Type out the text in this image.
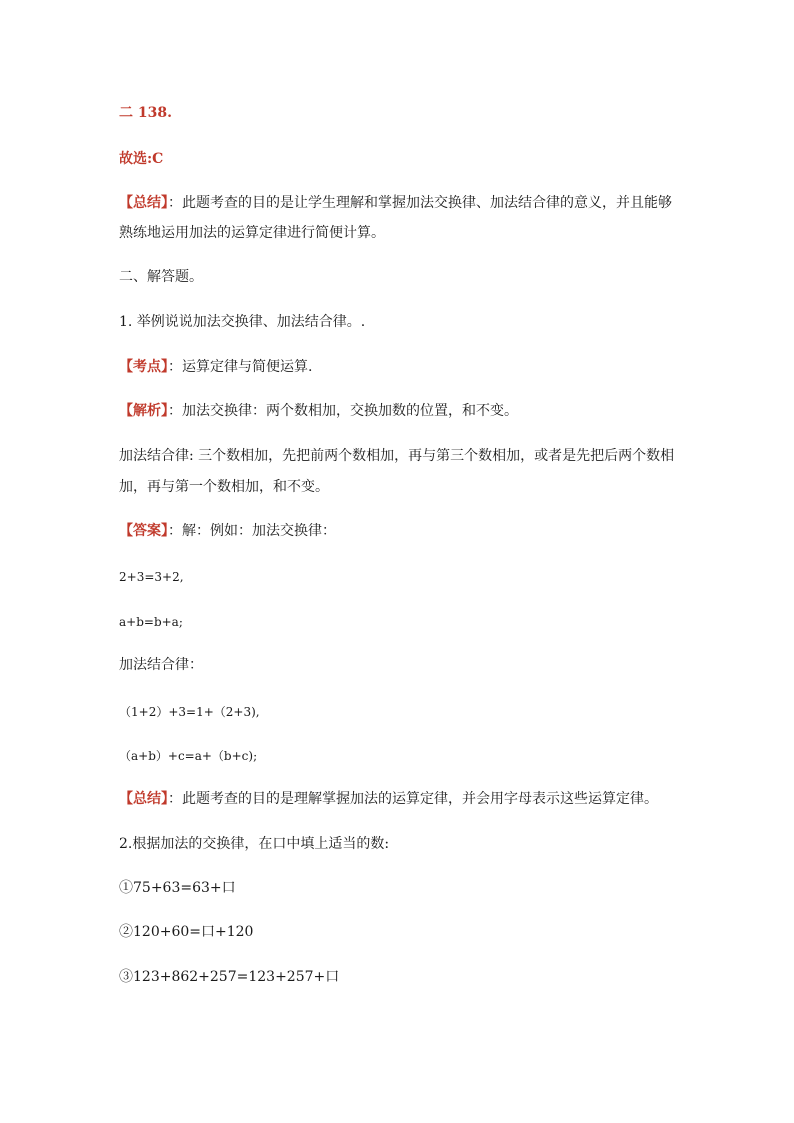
二 138.
故选:C
【总结】：此题考查的目的是让学生理解和掌握加法交换律、加法结合律的意义，并且能够
熟练地运用加法的运算定律进行简便计算。
二、解答题。
1. 举例说说加法交换律、加法结合律。.
【考点】：运算定律与简便运算.
【解析】：加法交换律：两个数相加，交换加数的位置，和不变。
加法结合律: 三个数相加，先把前两个数相加，再与第三个数相加，或者是先把后两个数相
加，再与第一个数相加，和不变。
【答案】：解：例如：加法交换律：
2+3=3+2,
a+b=b+a;
加法结合律：
（1+2）+3=1+（2+3),
（a+b）+c=a+（b+c);
【总结】：此题考查的目的是理解掌握加法的运算定律，并会用字母表示这些运算定律。
2.根据加法的交换律，在口中填上适当的数:
①75+63=63+口
②120+60=口+120
③123+862+257=123+257+口
